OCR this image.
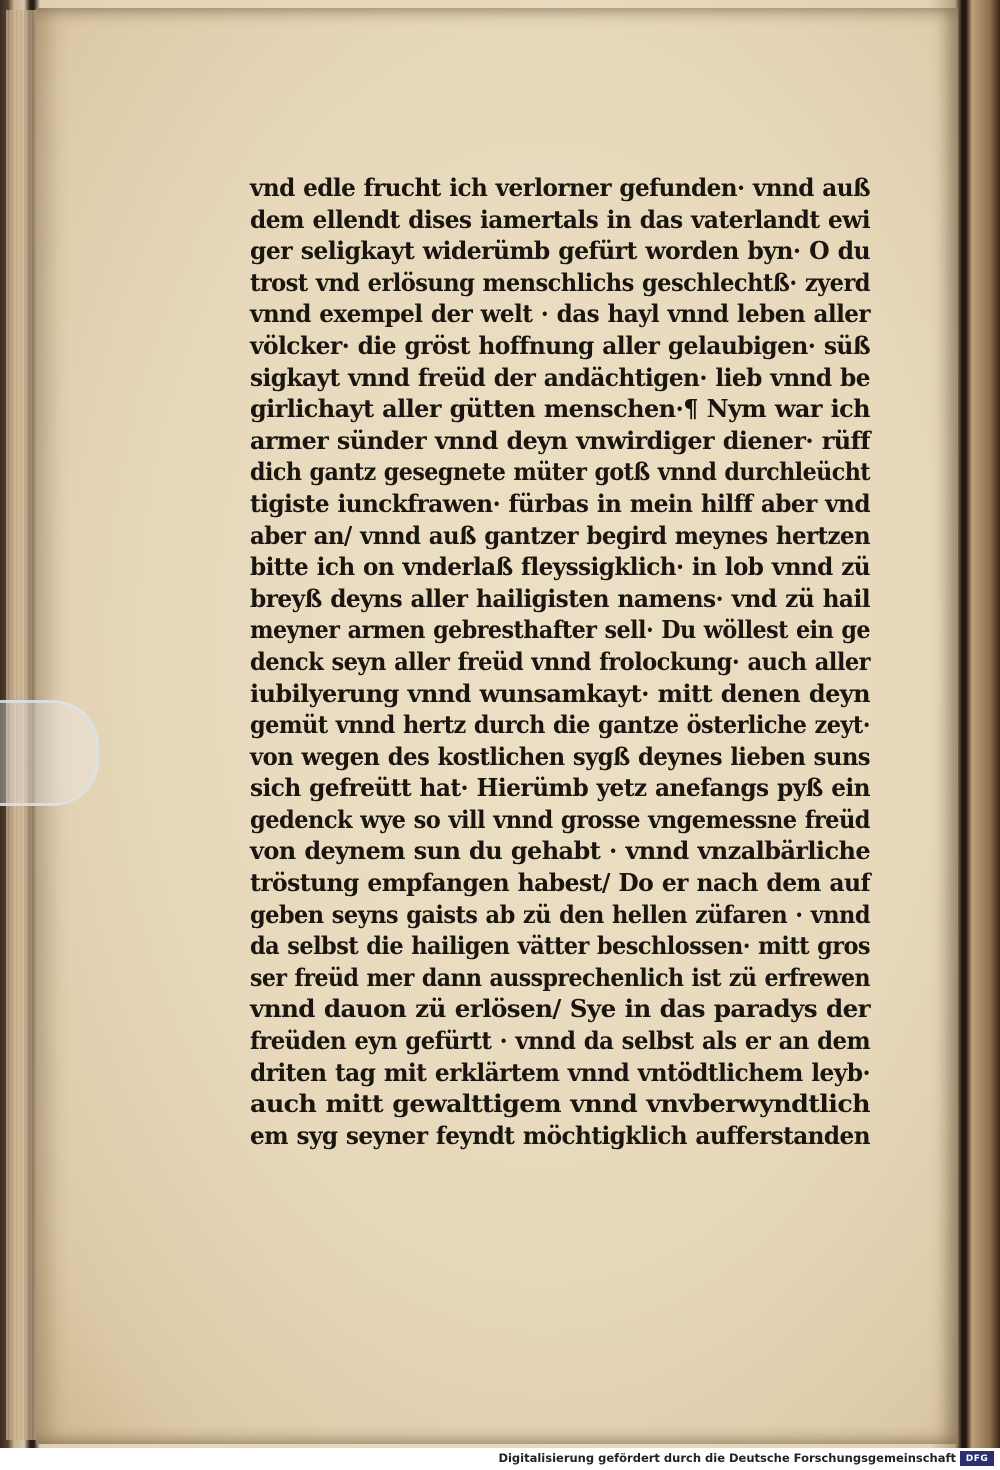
vnd edle frucht ich verlorner gefunden· vnnd auß
dem ellendt dises iamertals in das vaterlandt ewi
ger seligkayt widerümb gefürt worden byn· O du
trost vnd erlösung menschlichs geschlechtß· zyerd
vnnd exempel der welt · das hayl vnnd leben aller
völcker· die gröst hoffnung aller gelaubigen· süß
sigkayt vnnd freüd der andächtigen· lieb vnnd be
girlichayt aller gütten menschen·¶ Nym war ich
armer sünder vnnd deyn vnwirdiger diener· rüff
dich gantz gesegnete müter gotß vnnd durchleücht
tigiste iunckfrawen· fürbas in mein hilff aber vnd
aber an/ vnnd auß gantzer begird meynes hertzen
bitte ich on vnderlaß fleyssigklich· in lob vnnd zü
breyß deyns aller hailigisten namens· vnd zü hail
meyner armen gebresthafter sell· Du wöllest ein ge
denck seyn aller freüd vnnd frolockung· auch aller
iubilyerung vnnd wunsamkayt· mitt denen deyn
gemüt vnnd hertz durch die gantze österliche zeyt·
von wegen des kostlichen sygß deynes lieben suns
sich gefreütt hat· Hierümb yetz anefangs pyß ein
gedenck wye so vill vnnd grosse vngemessne freüd
von deynem sun du gehabt · vnnd vnzalbärliche
tröstung empfangen habest/ Do er nach dem auf
geben seyns gaists ab zü den hellen züfaren · vnnd
da selbst die hailigen vätter beschlossen· mitt gros
ser freüd mer dann aussprechenlich ist zü erfrewen
vnnd dauon zü erlösen/ Sye in das paradys der
freüden eyn gefürtt · vnnd da selbst als er an dem
driten tag mit erklärtem vnnd vntödtlichem leyb·
auch mitt gewalttigem vnnd vnvberwyndtlich
em syg seyner feyndt möchtigklich aufferstanden
Digitalisierung gefördert durch die Deutsche Forschungsgemeinschaft	DFG
